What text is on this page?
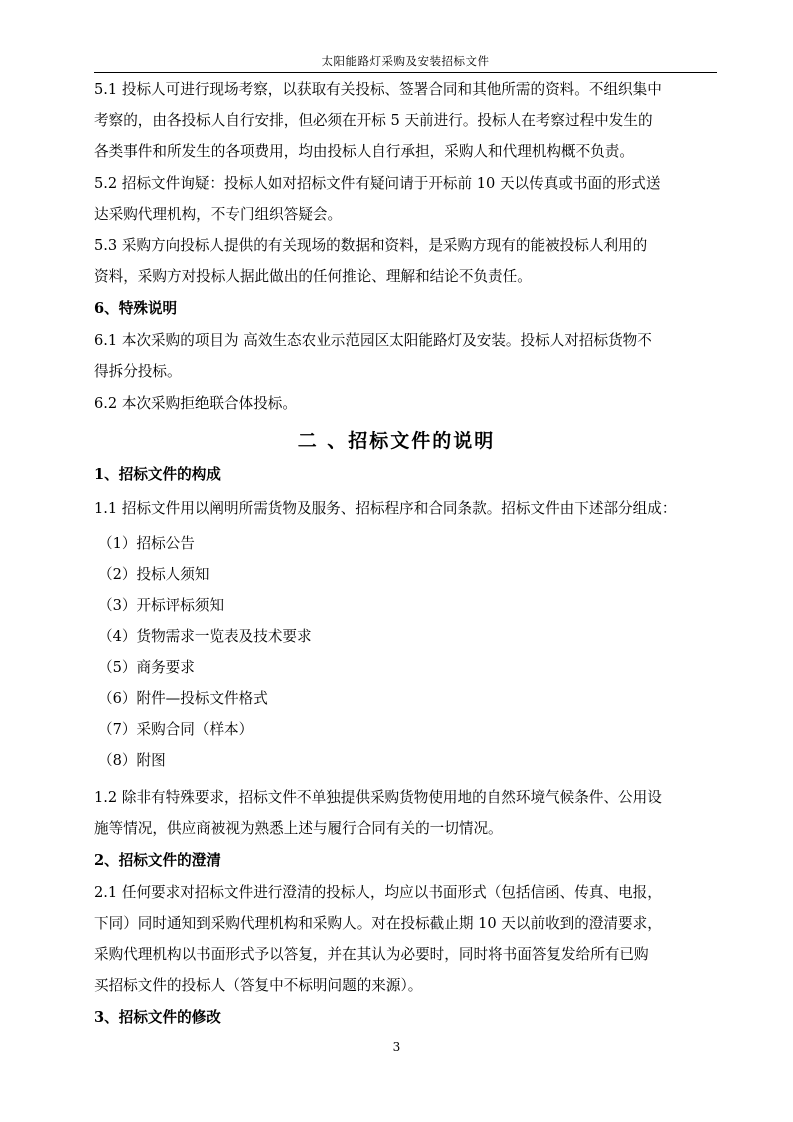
太阳能路灯采购及安装招标文件
5.1 投标人可进行现场考察，以获取有关投标、签署合同和其他所需的资料。不组织集中
考察的，由各投标人自行安排，但必须在开标 5 天前进行。投标人在考察过程中发生的
各类事件和所发生的各项费用，均由投标人自行承担，采购人和代理机构概不负责。
5.2 招标文件询疑：投标人如对招标文件有疑问请于开标前 10 天以传真或书面的形式送
达采购代理机构，不专门组织答疑会。
5.3 采购方向投标人提供的有关现场的数据和资料，是采购方现有的能被投标人利用的
资料，采购方对投标人据此做出的任何推论、理解和结论不负责任。
6、特殊说明
6.1 本次采购的项目为 高效生态农业示范园区太阳能路灯及安装。投标人对招标货物不
得拆分投标。
6.2 本次采购拒绝联合体投标。
二 、招标文件的说明
1、招标文件的构成
1.1 招标文件用以阐明所需货物及服务、招标程序和合同条款。招标文件由下述部分组成：
（1）招标公告
（2）投标人须知
（3）开标评标须知
（4）货物需求一览表及技术要求
（5）商务要求
（6）附件—投标文件格式
（7）采购合同（样本）
（8）附图
1.2 除非有特殊要求，招标文件不单独提供采购货物使用地的自然环境气候条件、公用设
施等情况，供应商被视为熟悉上述与履行合同有关的一切情况。
2、招标文件的澄清
2.1 任何要求对招标文件进行澄清的投标人，均应以书面形式（包括信函、传真、电报，
下同）同时通知到采购代理机构和采购人。对在投标截止期 10 天以前收到的澄清要求，
采购代理机构以书面形式予以答复，并在其认为必要时，同时将书面答复发给所有已购
买招标文件的投标人（答复中不标明问题的来源）。
3、招标文件的修改
3
